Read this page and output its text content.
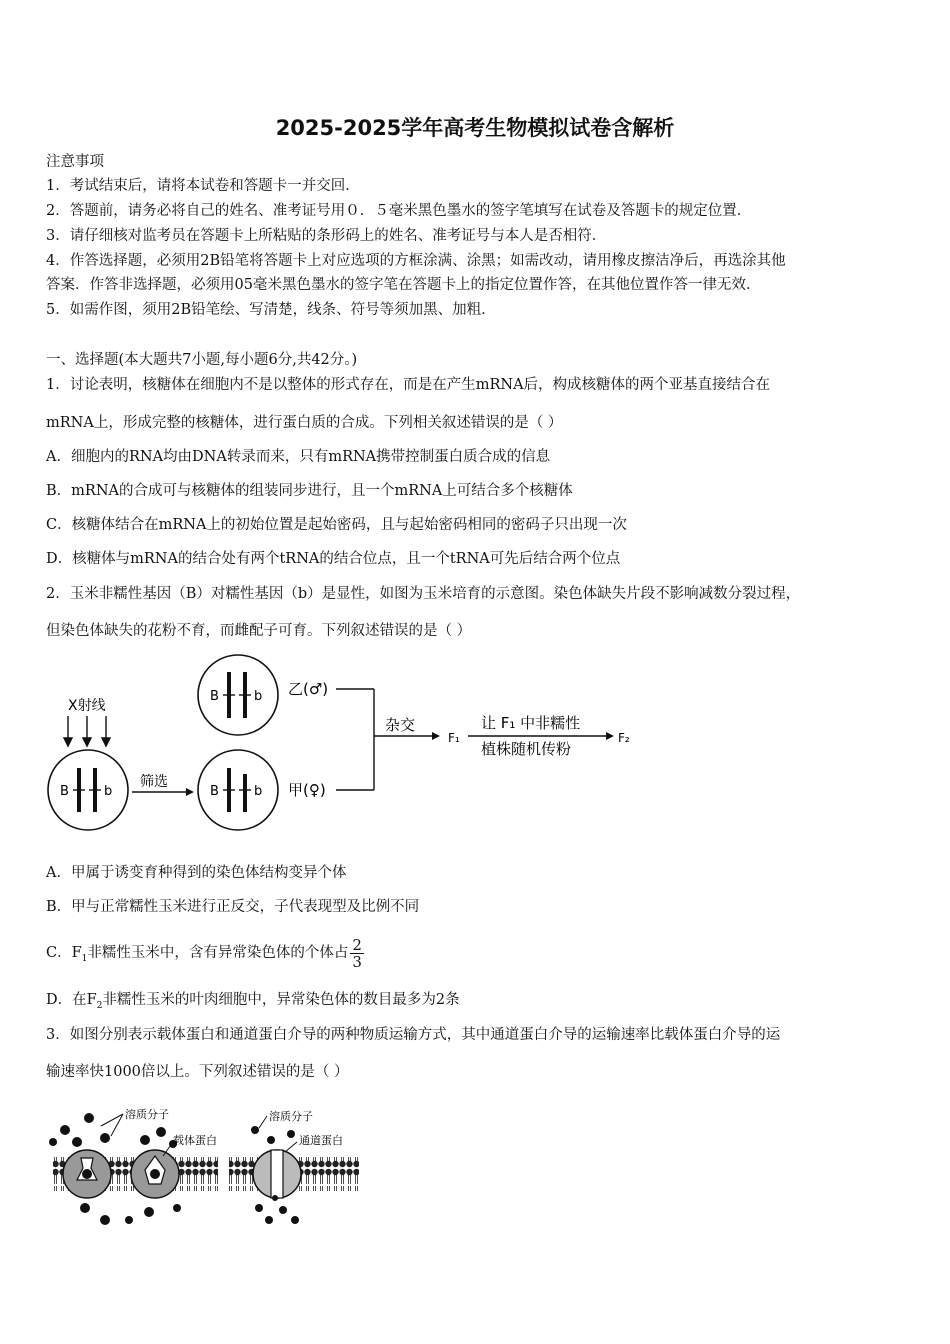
2025-2025学年高考生物模拟试卷含解析
注意事项
1．考试结束后，请将本试卷和答题卡一并交回．
2．答题前，请务必将自己的姓名、准考证号用０．５毫米黑色墨水的签字笔填写在试卷及答题卡的规定位置．
3．请仔细核对监考员在答题卡上所粘贴的条形码上的姓名、准考证号与本人是否相符．
4．作答选择题，必须用2B铅笔将答题卡上对应选项的方框涂满、涂黑；如需改动，请用橡皮擦洁净后，再选涂其他
答案．作答非选择题，必须用05毫米黑色墨水的签字笔在答题卡上的指定位置作答，在其他位置作答一律无效．
5．如需作图，须用2B铅笔绘、写清楚，线条、符号等须加黑、加粗．
一、选择题(本大题共7小题,每小题6分,共42分。)
1．讨论表明，核糖体在细胞内不是以整体的形式存在，而是在产生mRNA后，构成核糖体的两个亚基直接结合在
mRNA上，形成完整的核糖体，进行蛋白质的合成。下列相关叙述错误的是（ ）
A．细胞内的RNA均由DNA转录而来，只有mRNA携带控制蛋白质合成的信息
B．mRNA的合成可与核糖体的组装同步进行，且一个mRNA上可结合多个核糖体
C．核糖体结合在mRNA上的初始位置是起始密码，且与起始密码相同的密码子只出现一次
D．核糖体与mRNA的结合处有两个tRNA的结合位点，且一个tRNA可先后结合两个位点
2．玉米非糯性基因（B）对糯性基因（b）是显性，如图为玉米培育的示意图。染色体缺失片段不影响减数分裂过程，
但染色体缺失的花粉不育，而雌配子可育。下列叙述错误的是（ ）
X射线
B	b
筛选
B	b 乙(♂)
B	b 甲(♀)
杂交
F₁
让 F₁ 中非糯性
植株随机传粉
F₂
A．甲属于诱变育种得到的染色体结构变异个体
B．甲与正常糯性玉米进行正反交，子代表现型及比例不同
C．$F_1$非糯性玉米中，含有异常染色体的个体占 $\frac{2}{3}$
D．在$F_2$非糯性玉米的叶肉细胞中，异常染色体的数目最多为2条
3．如图分别表示载体蛋白和通道蛋白介导的两种物质运输方式，其中通道蛋白介导的运输速率比载体蛋白介导的运
输速率快1000倍以上。下列叙述错误的是（ ）
溶质分子
载体蛋白
溶质分子
通道蛋白
